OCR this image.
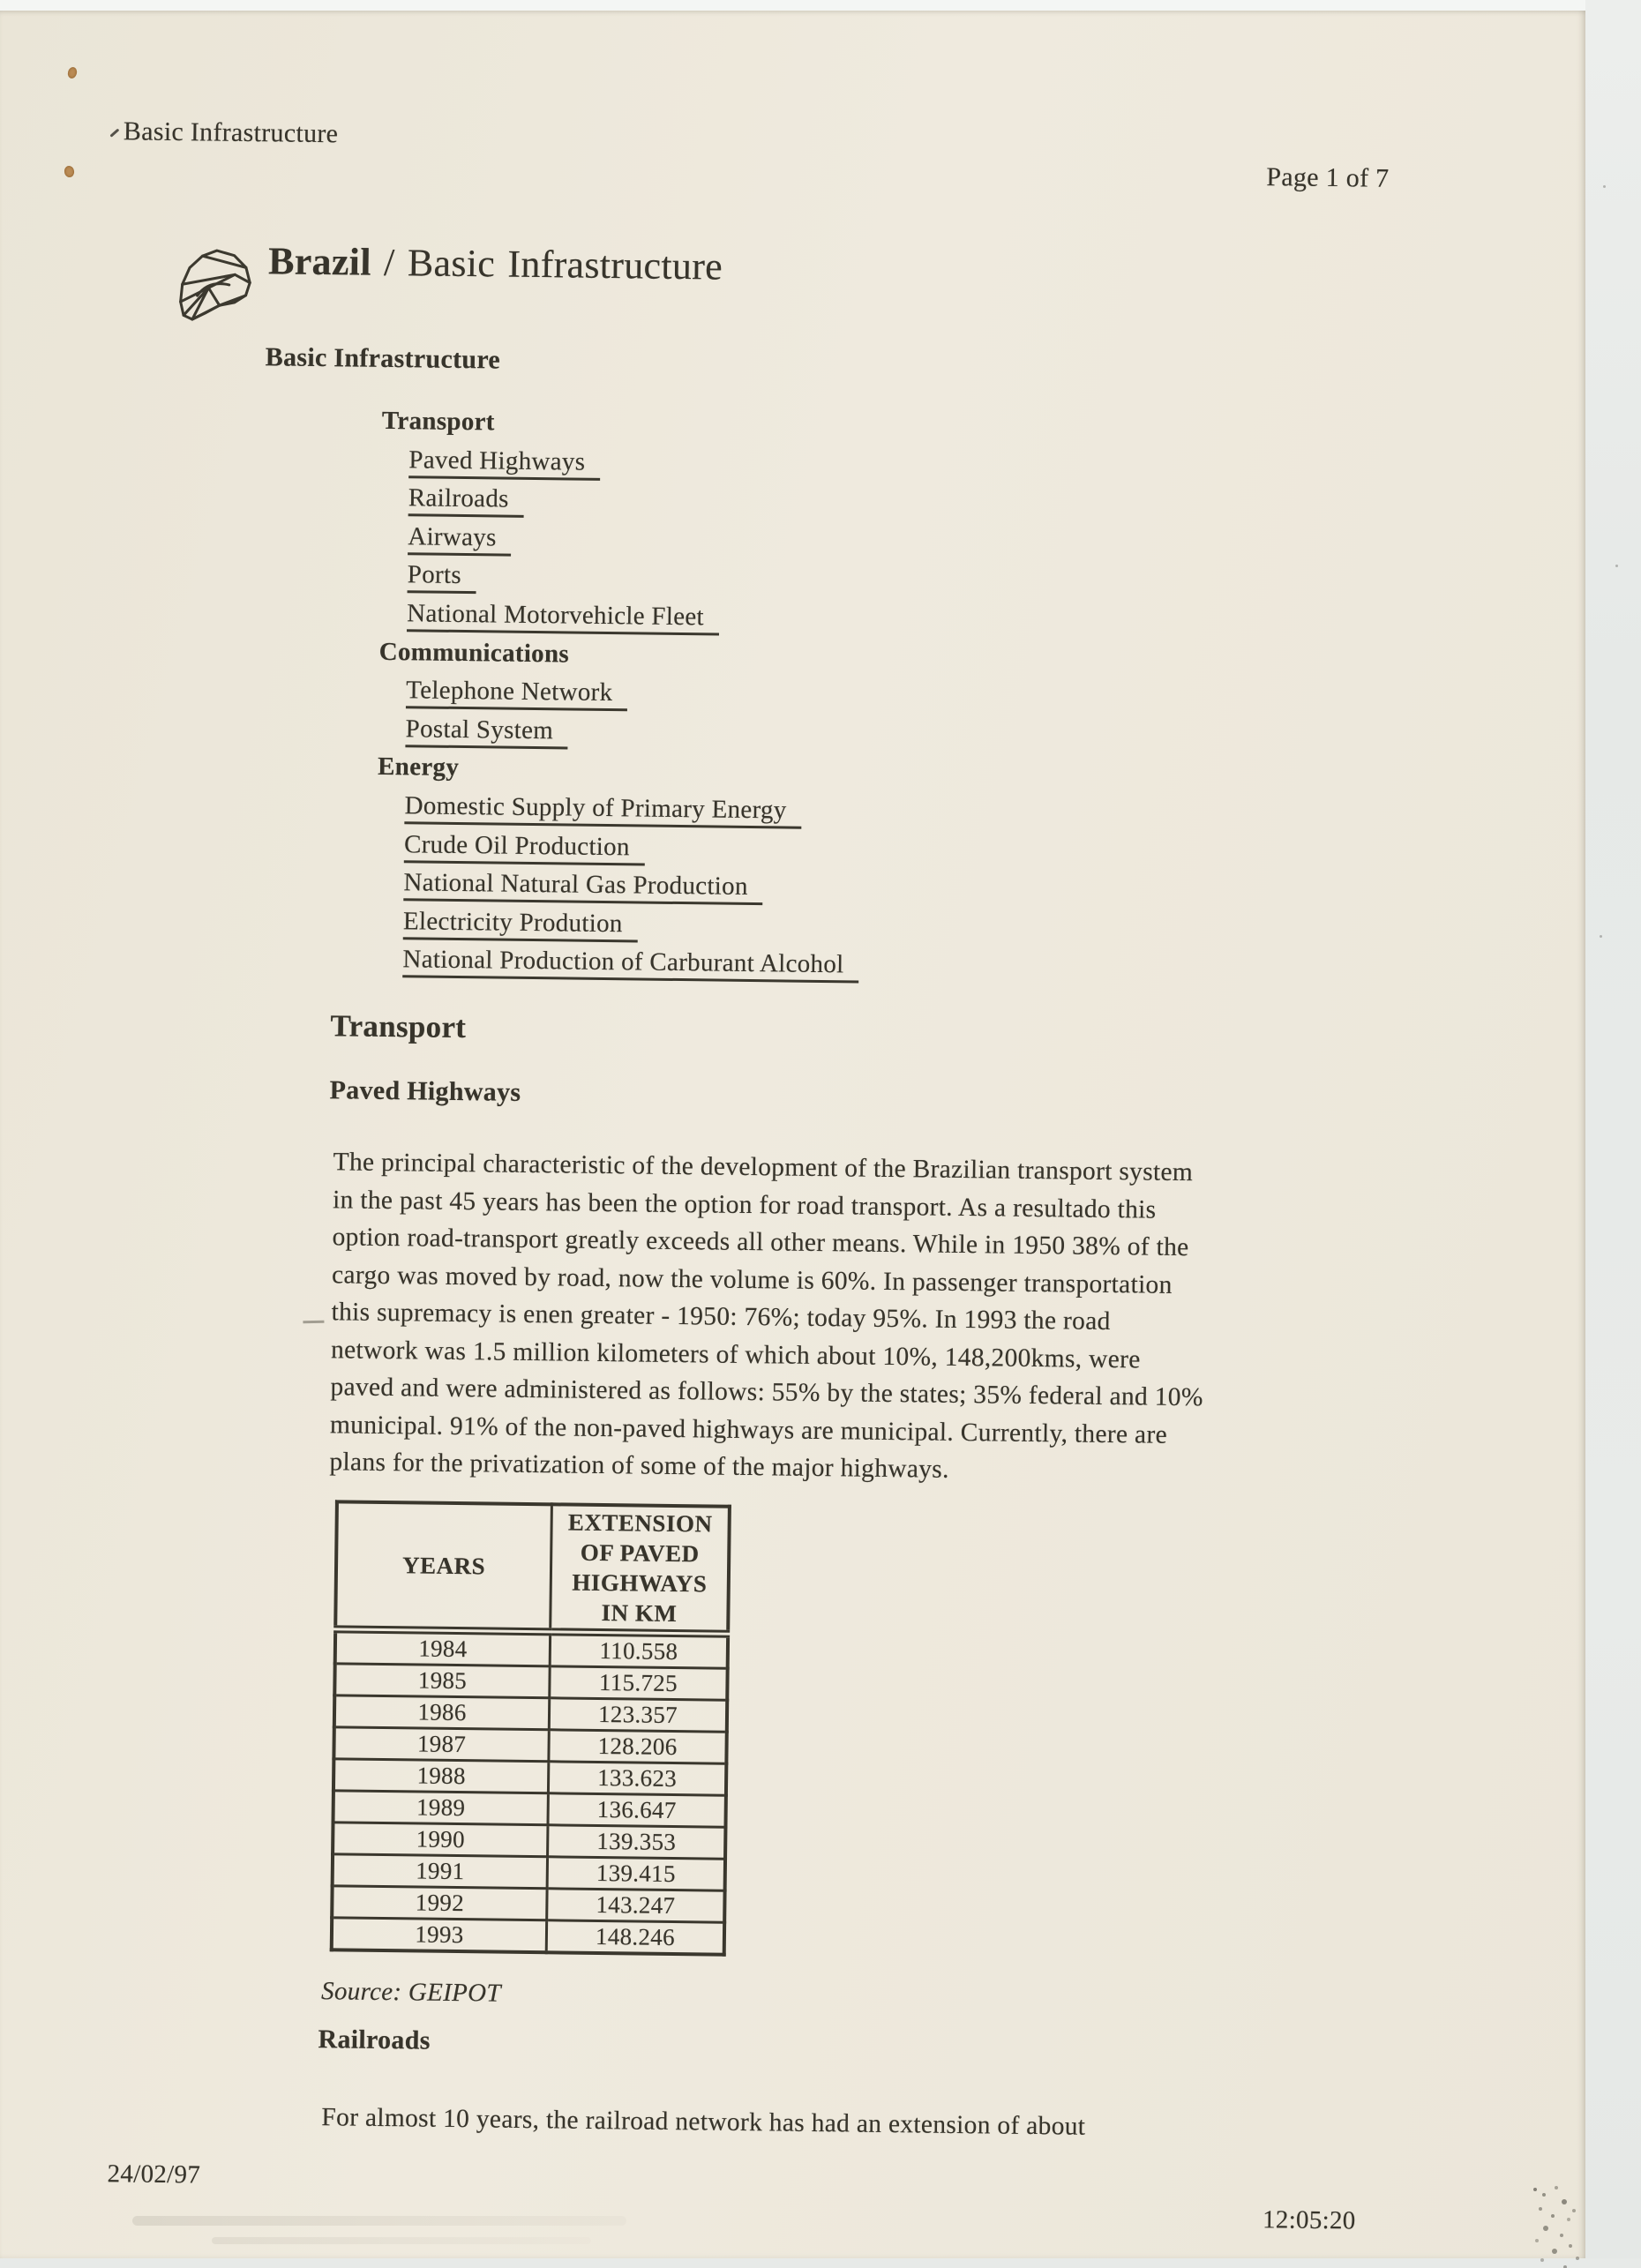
Basic Infrastructure
Page 1 of 7
Brazil / Basic Infrastructure
Basic Infrastructure
Transport
Paved Highways
Railroads
Airways
Ports
National Motorvehicle Fleet
Communications
Telephone Network
Postal System
Energy
Domestic Supply of Primary Energy
Crude Oil Production
National Natural Gas Production
Electricity Prodution
National Production of Carburant Alcohol
Transport
Paved Highways
The principal characteristic of the development of the Brazilian transport system
in the past 45 years has been the option for road transport. As a resultado this
option road-transport greatly exceeds all other means. While in 1950 38% of the
cargo was moved by road, now the volume is 60%. In passenger transportation
this supremacy is enen greater - 1950: 76%; today 95%. In 1993 the road
network was 1.5 million kilometers of which about 10%, 148,200kms, were
paved and were administered as follows: 55% by the states; 35% federal and 10%
municipal. 91% of the non-paved highways are municipal. Currently, there are
plans for the privatization of some of the major highways.
YEARS	EXTENSION OF PAVED HIGHWAYS IN KM
1984	110.558
1985	115.725
1986	123.357
1987	128.206
1988	133.623
1989	136.647
1990	139.353
1991	139.415
1992	143.247
1993	148.246
Source: GEIPOT
Railroads
For almost 10 years, the railroad network has had an extension of about
24/02/97
12:05:20
